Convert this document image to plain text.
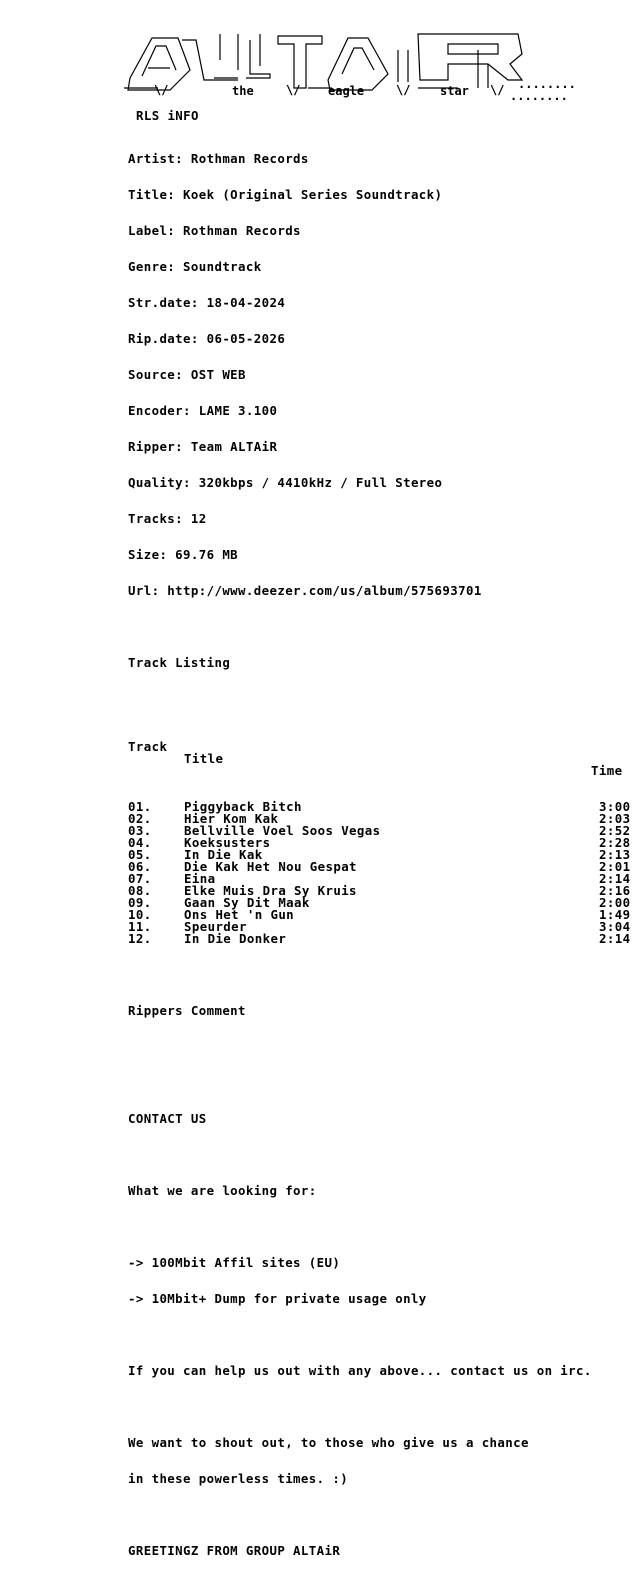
\/	\/	\/	\/ ........
........
the	eagle	star
RLS iNFO

Artist: Rothman Records

Title: Koek (Original Series Soundtrack)

Label: Rothman Records

Genre: Soundtrack

Str.date: 18-04-2024

Rip.date: 06-05-2026

Source: OST WEB

Encoder: LAME 3.100

Ripper: Team ALTAiR

Quality: 320kbps / 4410kHz / Full Stereo

Tracks: 12

Size: 69.76 MB

Url: http://www.deezer.com/us/album/575693701

Track Listing

Track

Title

Time

01.	Piggyback Bitch	3:00
02.	Hier Kom Kak	2:03
03.	Bellville Voel Soos Vegas	2:52
04.	Koeksusters	2:28
05.	In Die Kak	2:13
06.	Die Kak Het Nou Gespat	2:01
07.	Eina	2:14
08.	Elke Muis Dra Sy Kruis	2:16
09.	Gaan Sy Dit Maak	2:00
10.	Ons Het 'n Gun	1:49
11.	Speurder	3:04
12.	In Die Donker	2:14

Rippers Comment

CONTACT US

What we are looking for:

-> 100Mbit Affil sites (EU)

-> 10Mbit+ Dump for private usage only

If you can help us out with any above... contact us on irc.

We want to shout out, to those who give us a chance

in these powerless times. :)

GREETINGZ FROM GROUP ALTAiR
